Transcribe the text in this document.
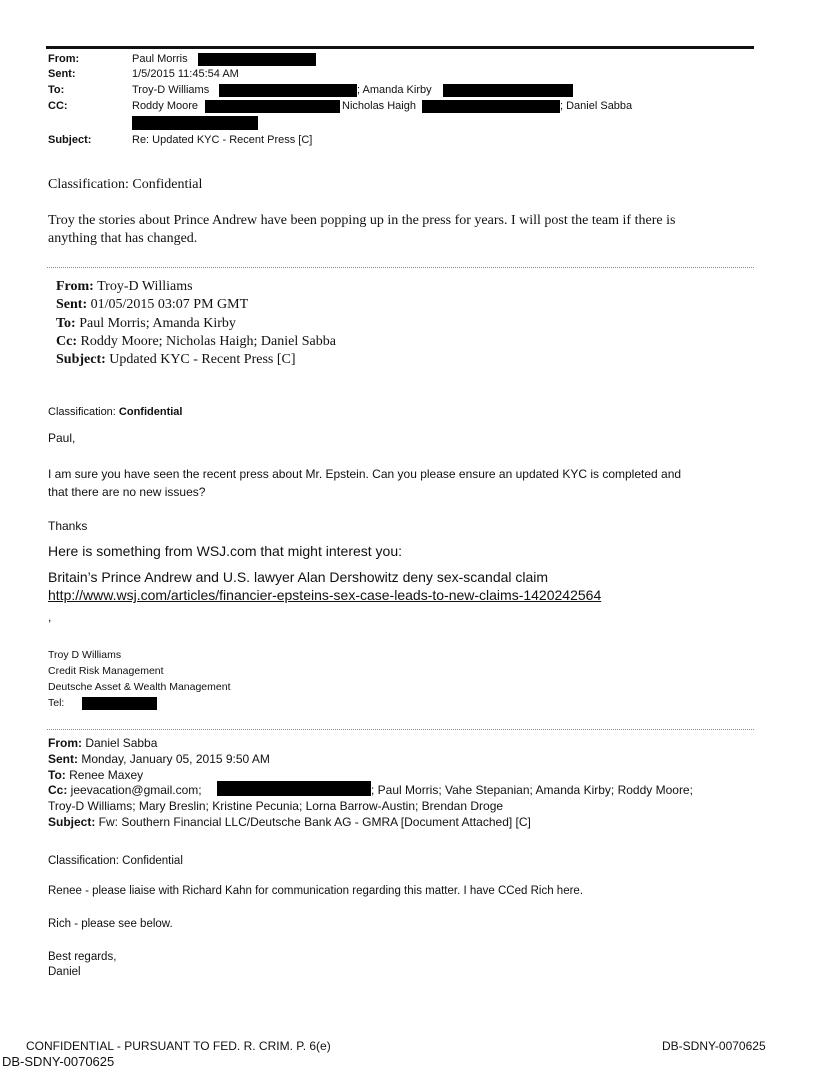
From:	Paul Morris
Sent:	1/5/2015 11:45:54 AM
To:	Troy-D Williams	; Amanda Kirby
CC:	Roddy Moore	Nicholas Haigh	; Daniel Sabba
Subject:	Re: Updated KYC - Recent Press [C]
Classification: Confidential
Troy the stories about Prince Andrew have been popping up in the press for years. I will post the team if there is
anything that has changed.
From: Troy-D Williams
Sent: 01/05/2015 03:07 PM GMT
To: Paul Morris; Amanda Kirby
Cc: Roddy Moore; Nicholas Haigh; Daniel Sabba
Subject: Updated KYC - Recent Press [C]
Classification: Confidential
Paul,
I am sure you have seen the recent press about Mr. Epstein. Can you please ensure an updated KYC is completed and
that there are no new issues?
Thanks
Here is something from WSJ.com that might interest you:
Britain’s Prince Andrew and U.S. lawyer Alan Dershowitz deny sex-scandal claim
http://www.wsj.com/articles/financier-epsteins-sex-case-leads-to-new-claims-1420242564
,
Troy D Williams
Credit Risk Management
Deutsche Asset & Wealth Management
Tel:
From: Daniel Sabba
Sent: Monday, January 05, 2015 9:50 AM
To: Renee Maxey
Cc: jeevacation@gmail.com;	; Paul Morris; Vahe Stepanian; Amanda Kirby; Roddy Moore;
Troy-D Williams; Mary Breslin; Kristine Pecunia; Lorna Barrow-Austin; Brendan Droge
Subject: Fw: Southern Financial LLC/Deutsche Bank AG - GMRA [Document Attached] [C]
Classification: Confidential
Renee - please liaise with Richard Kahn for communication regarding this matter. I have CCed Rich here.
Rich - please see below.
Best regards,
Daniel
CONFIDENTIAL - PURSUANT TO FED. R. CRIM. P. 6(e)	DB-SDNY-0070625
DB-SDNY-0070625
